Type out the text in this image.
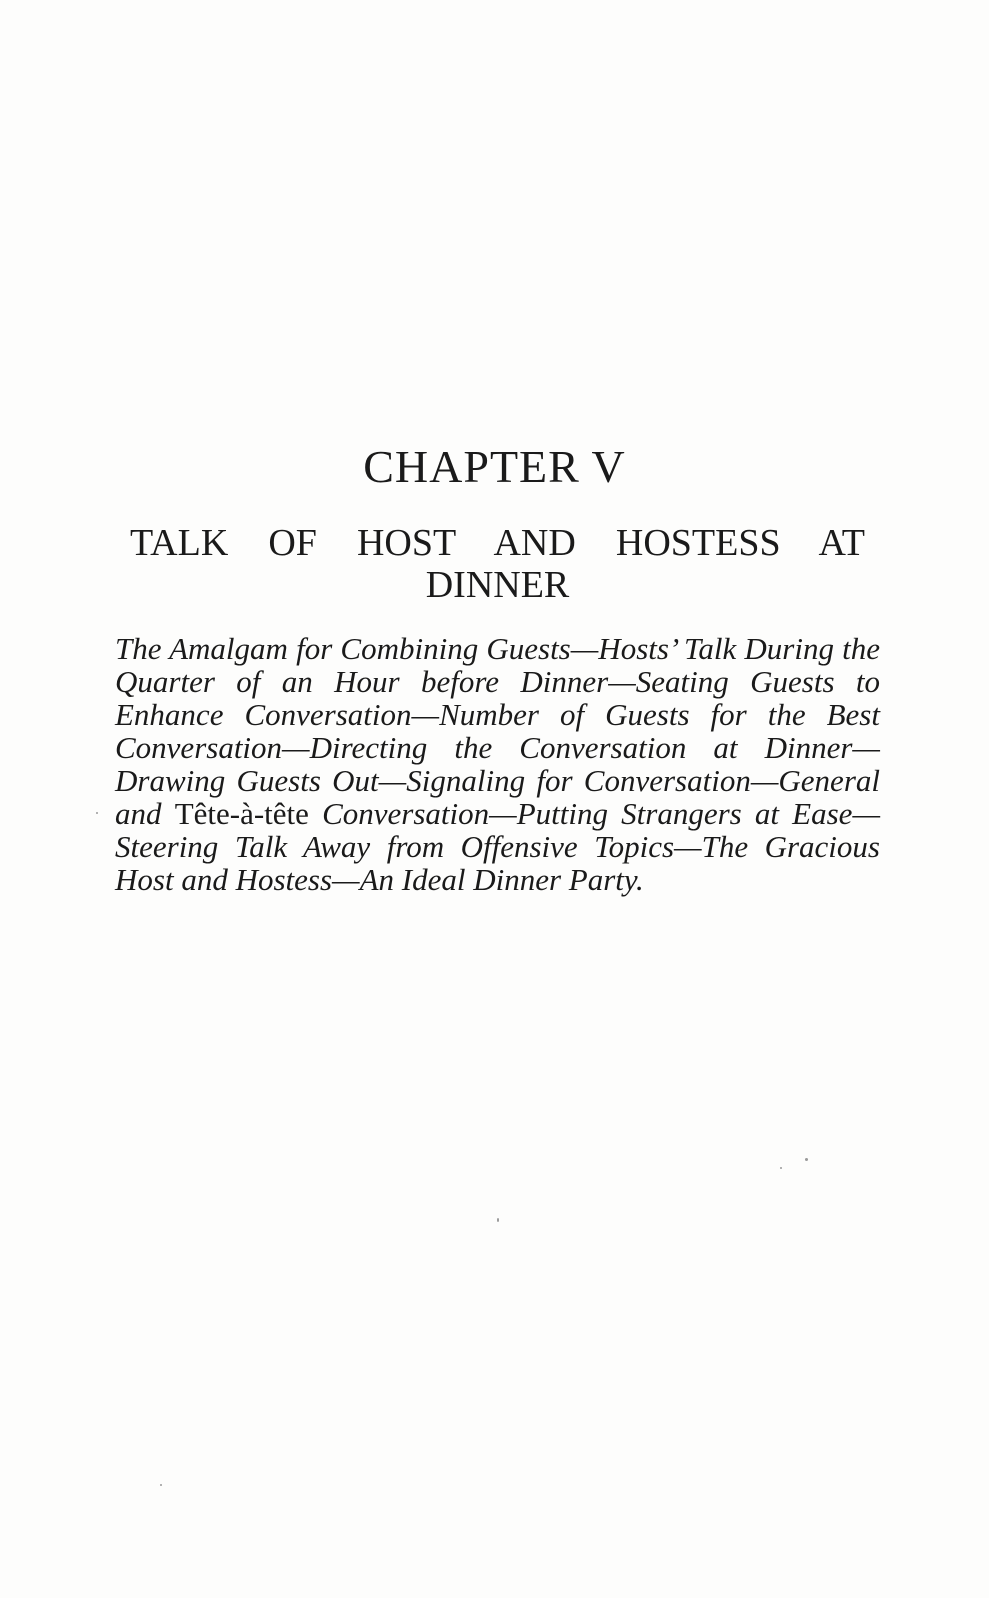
CHAPTER V
TALK OF HOST AND HOSTESS AT
DINNER

The Amalgam for Combining Guests—Hosts’ Talk During the Quarter of an Hour before Dinner—Seating Guests to Enhance Conversation—Number of Guests for the Best Conversation—Directing the Conversation at Dinner—Drawing Guests Out—Signaling for Conversation—General and Tête-à-tête Conversation—Putting Strangers at Ease—Steering Talk Away from Offensive Topics—The Gracious Host and Hostess—An Ideal Dinner Party.
